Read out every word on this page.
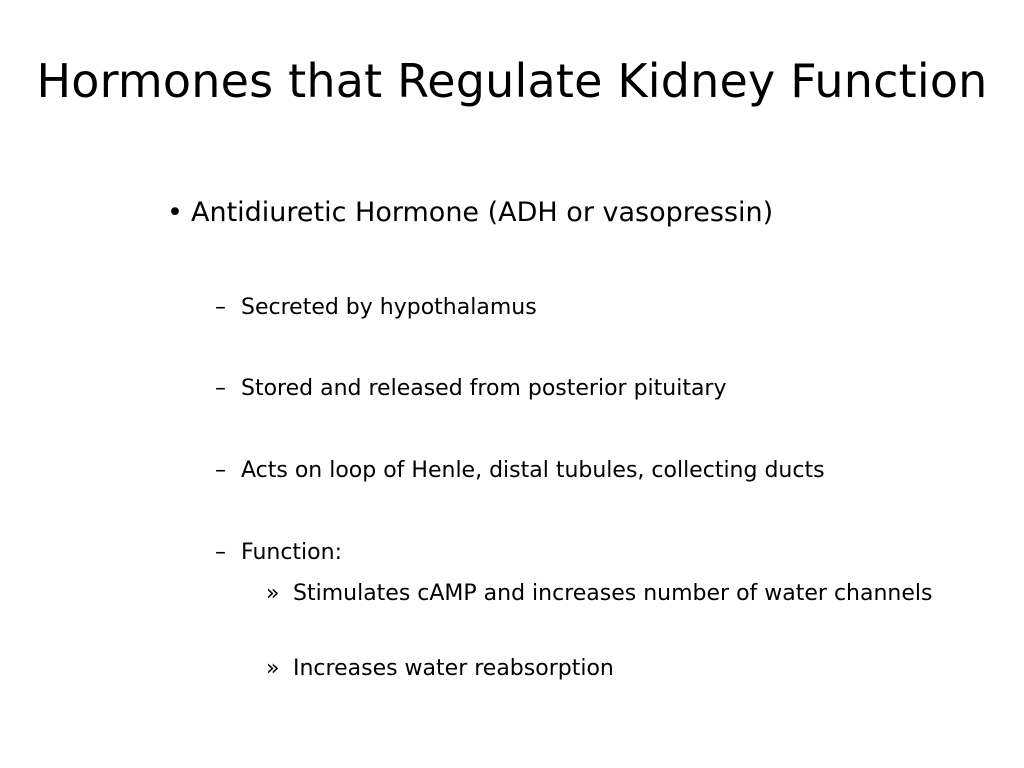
Hormones that Regulate Kidney Function
• Antidiuretic Hormone (ADH or vasopressin)
– Secreted by hypothalamus
– Stored and released from posterior pituitary
– Acts on loop of Henle, distal tubules, collecting ducts
– Function:
» Stimulates cAMP and increases number of water channels
» Increases water reabsorption
